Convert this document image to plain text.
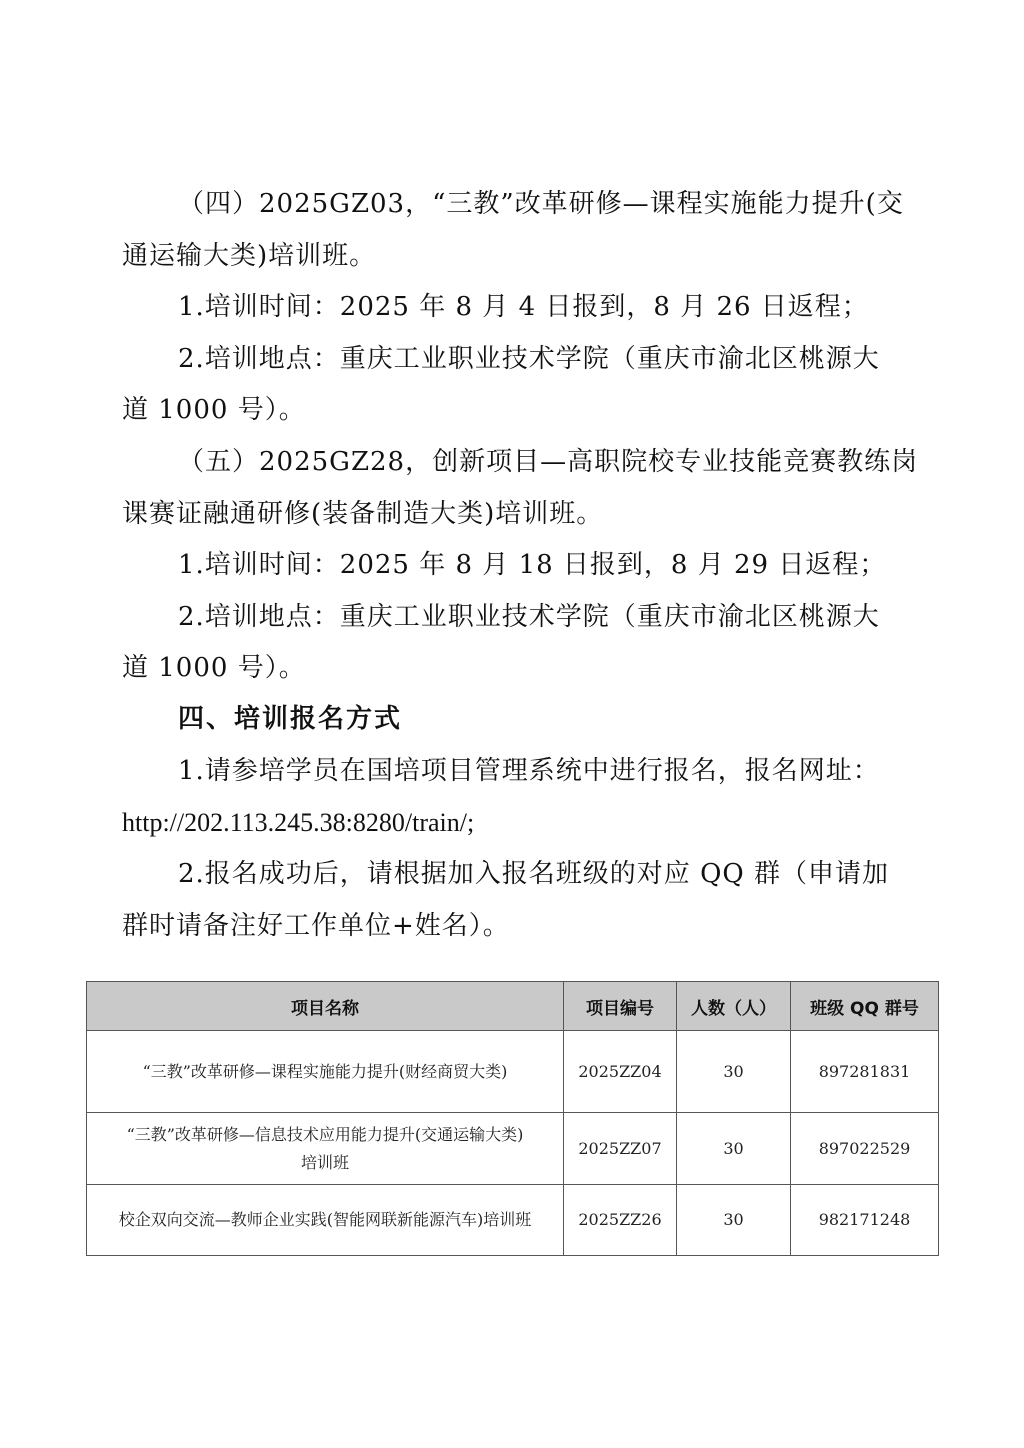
（四）2025GZ03，“三教”改革研修—课程实施能力提升(交
通运输大类)培训班。
1.培训时间：2025 年 8 月 4 日报到，8 月 26 日返程；
2.培训地点：重庆工业职业技术学院（重庆市渝北区桃源大
道 1000 号）。
（五）2025GZ28，创新项目—高职院校专业技能竞赛教练岗
课赛证融通研修(装备制造大类)培训班。
1.培训时间：2025 年 8 月 18 日报到，8 月 29 日返程；
2.培训地点：重庆工业职业技术学院（重庆市渝北区桃源大
道 1000 号）。
四、培训报名方式
1.请参培学员在国培项目管理系统中进行报名，报名网址：
http://202.113.245.38:8280/train/;
2.报名成功后，请根据加入报名班级的对应 QQ 群（申请加
群时请备注好工作单位+姓名）。
项目名称	项目编号	人数（人）	班级 QQ 群号
“三教”改革研修—课程实施能力提升(财经商贸大类)	2025ZZ04	30	897281831

“三教”改革研修—信息技术应用能力提升(交通运输大类)
培训班	2025ZZ07	30	897022529
校企双向交流—教师企业实践(智能网联新能源汽车)培训班	2025ZZ26	30	982171248
